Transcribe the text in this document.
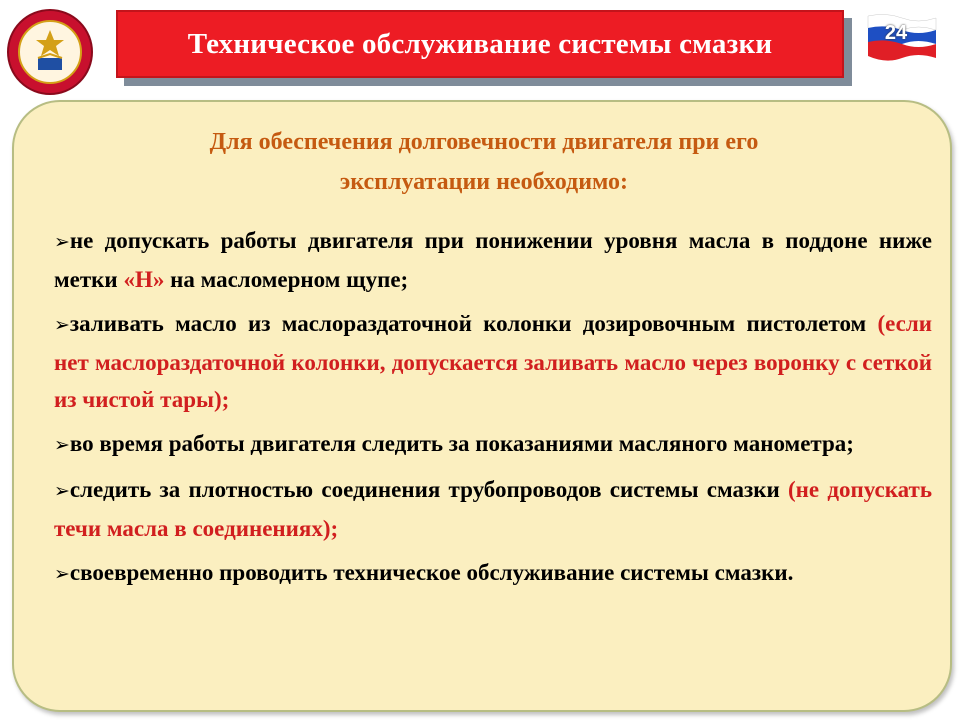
Техническое обслуживание системы смазки	24
Для обеспечения долговечности двигателя при его
эксплуатации необходимо:

➢не допускать работы двигателя при понижении уровня масла в поддоне ниже метки «Н» на масломерном щупе;

➢заливать масло из маслораздаточной колонки дозировочным пистолетом (если нет маслораздаточной колонки, допускается заливать масло через воронку с сеткой из чистой тары);

➢во время работы двигателя следить за показаниями масляного манометра;

➢следить за плотностью соединения трубопроводов системы смазки (не допускать течи масла в соединениях);

➢своевременно проводить техническое обслуживание системы смазки.
